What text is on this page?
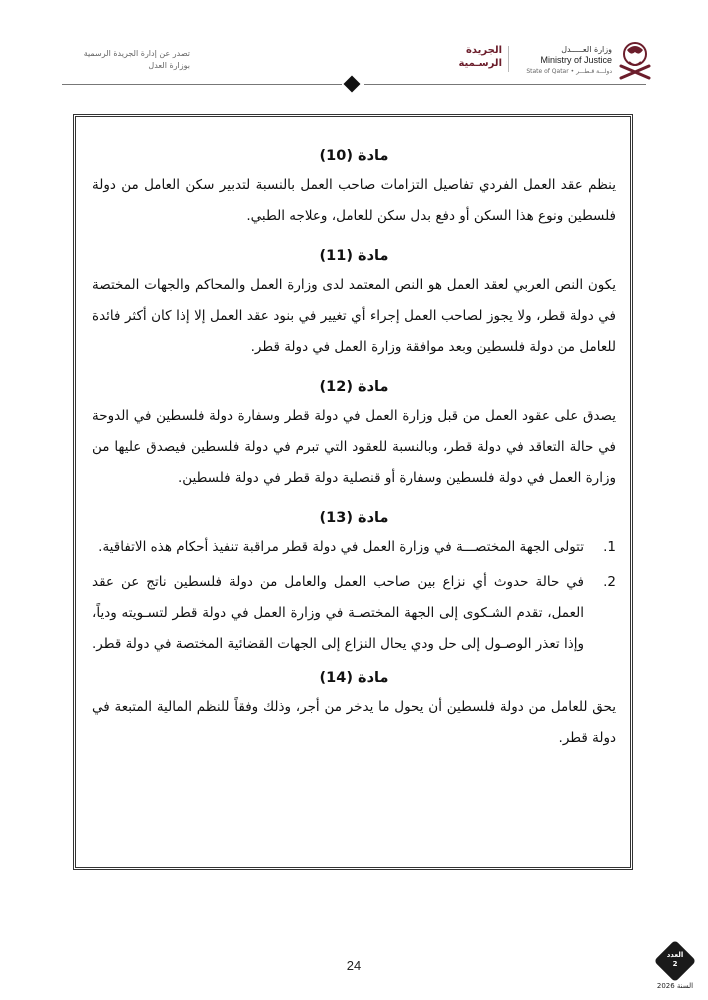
تصدر عن إدارة الجريدة الرسمية
بوزارة العدل
الجريدة
الرسـمية
وزارة العـــــدل
Ministry of Justice
State of Qatar • دولـــة قـطـــر
مادة (10)

ينظم عقد العمل الفردي تفاصيل التزامات صاحب العمل بالنسبة لتدبير سكن العامل من دولة فلسطين ونوع هذا السكن أو دفع بدل سكن للعامل، وعلاجه الطبي.

مادة (11)

يكون النص العربي لعقد العمل هو النص المعتمد لدى وزارة العمل والمحاكم والجهات المختصة في دولة قطر، ولا يجوز لصاحب العمل إجراء أي تغيير في بنود عقد العمل إلا إذا كان أكثر فائدة للعامل من دولة فلسطين وبعد موافقة وزارة العمل في دولة قطر.

مادة (12)

يصدق على عقود العمل من قبل وزارة العمل في دولة قطر وسفارة دولة فلسطين في الدوحة في حالة التعاقد في دولة قطر، وبالنسبة للعقود التي تبرم في دولة فلسطين فيصدق عليها من وزارة العمل في دولة فلسطين وسفارة أو قنصلية دولة قطر في دولة فلسطين.

مادة (13)
1.
تتولى الجهة المختصـــة في وزارة العمل في دولة قطر مراقبة تنفيذ أحكام هذه الاتفاقية.
2.
في حالة حدوث أي نزاع بين صاحب العمل والعامل من دولة فلسطين ناتج عن عقد العمل، تقدم الشـكوى إلى الجهة المختصـة في وزارة العمل في دولة قطر لتسـويته ودياً، وإذا تعذر الوصـول إلى حل ودي يحال النزاع إلى الجهات القضائية المختصة في دولة قطر.
مادة (14)

يحق للعامل من دولة فلسطين أن يحول ما يدخر من أجر، وذلك وفقاً للنظم المالية المتبعة في دولة قطر.

24
العدد
2
السنة 2026
